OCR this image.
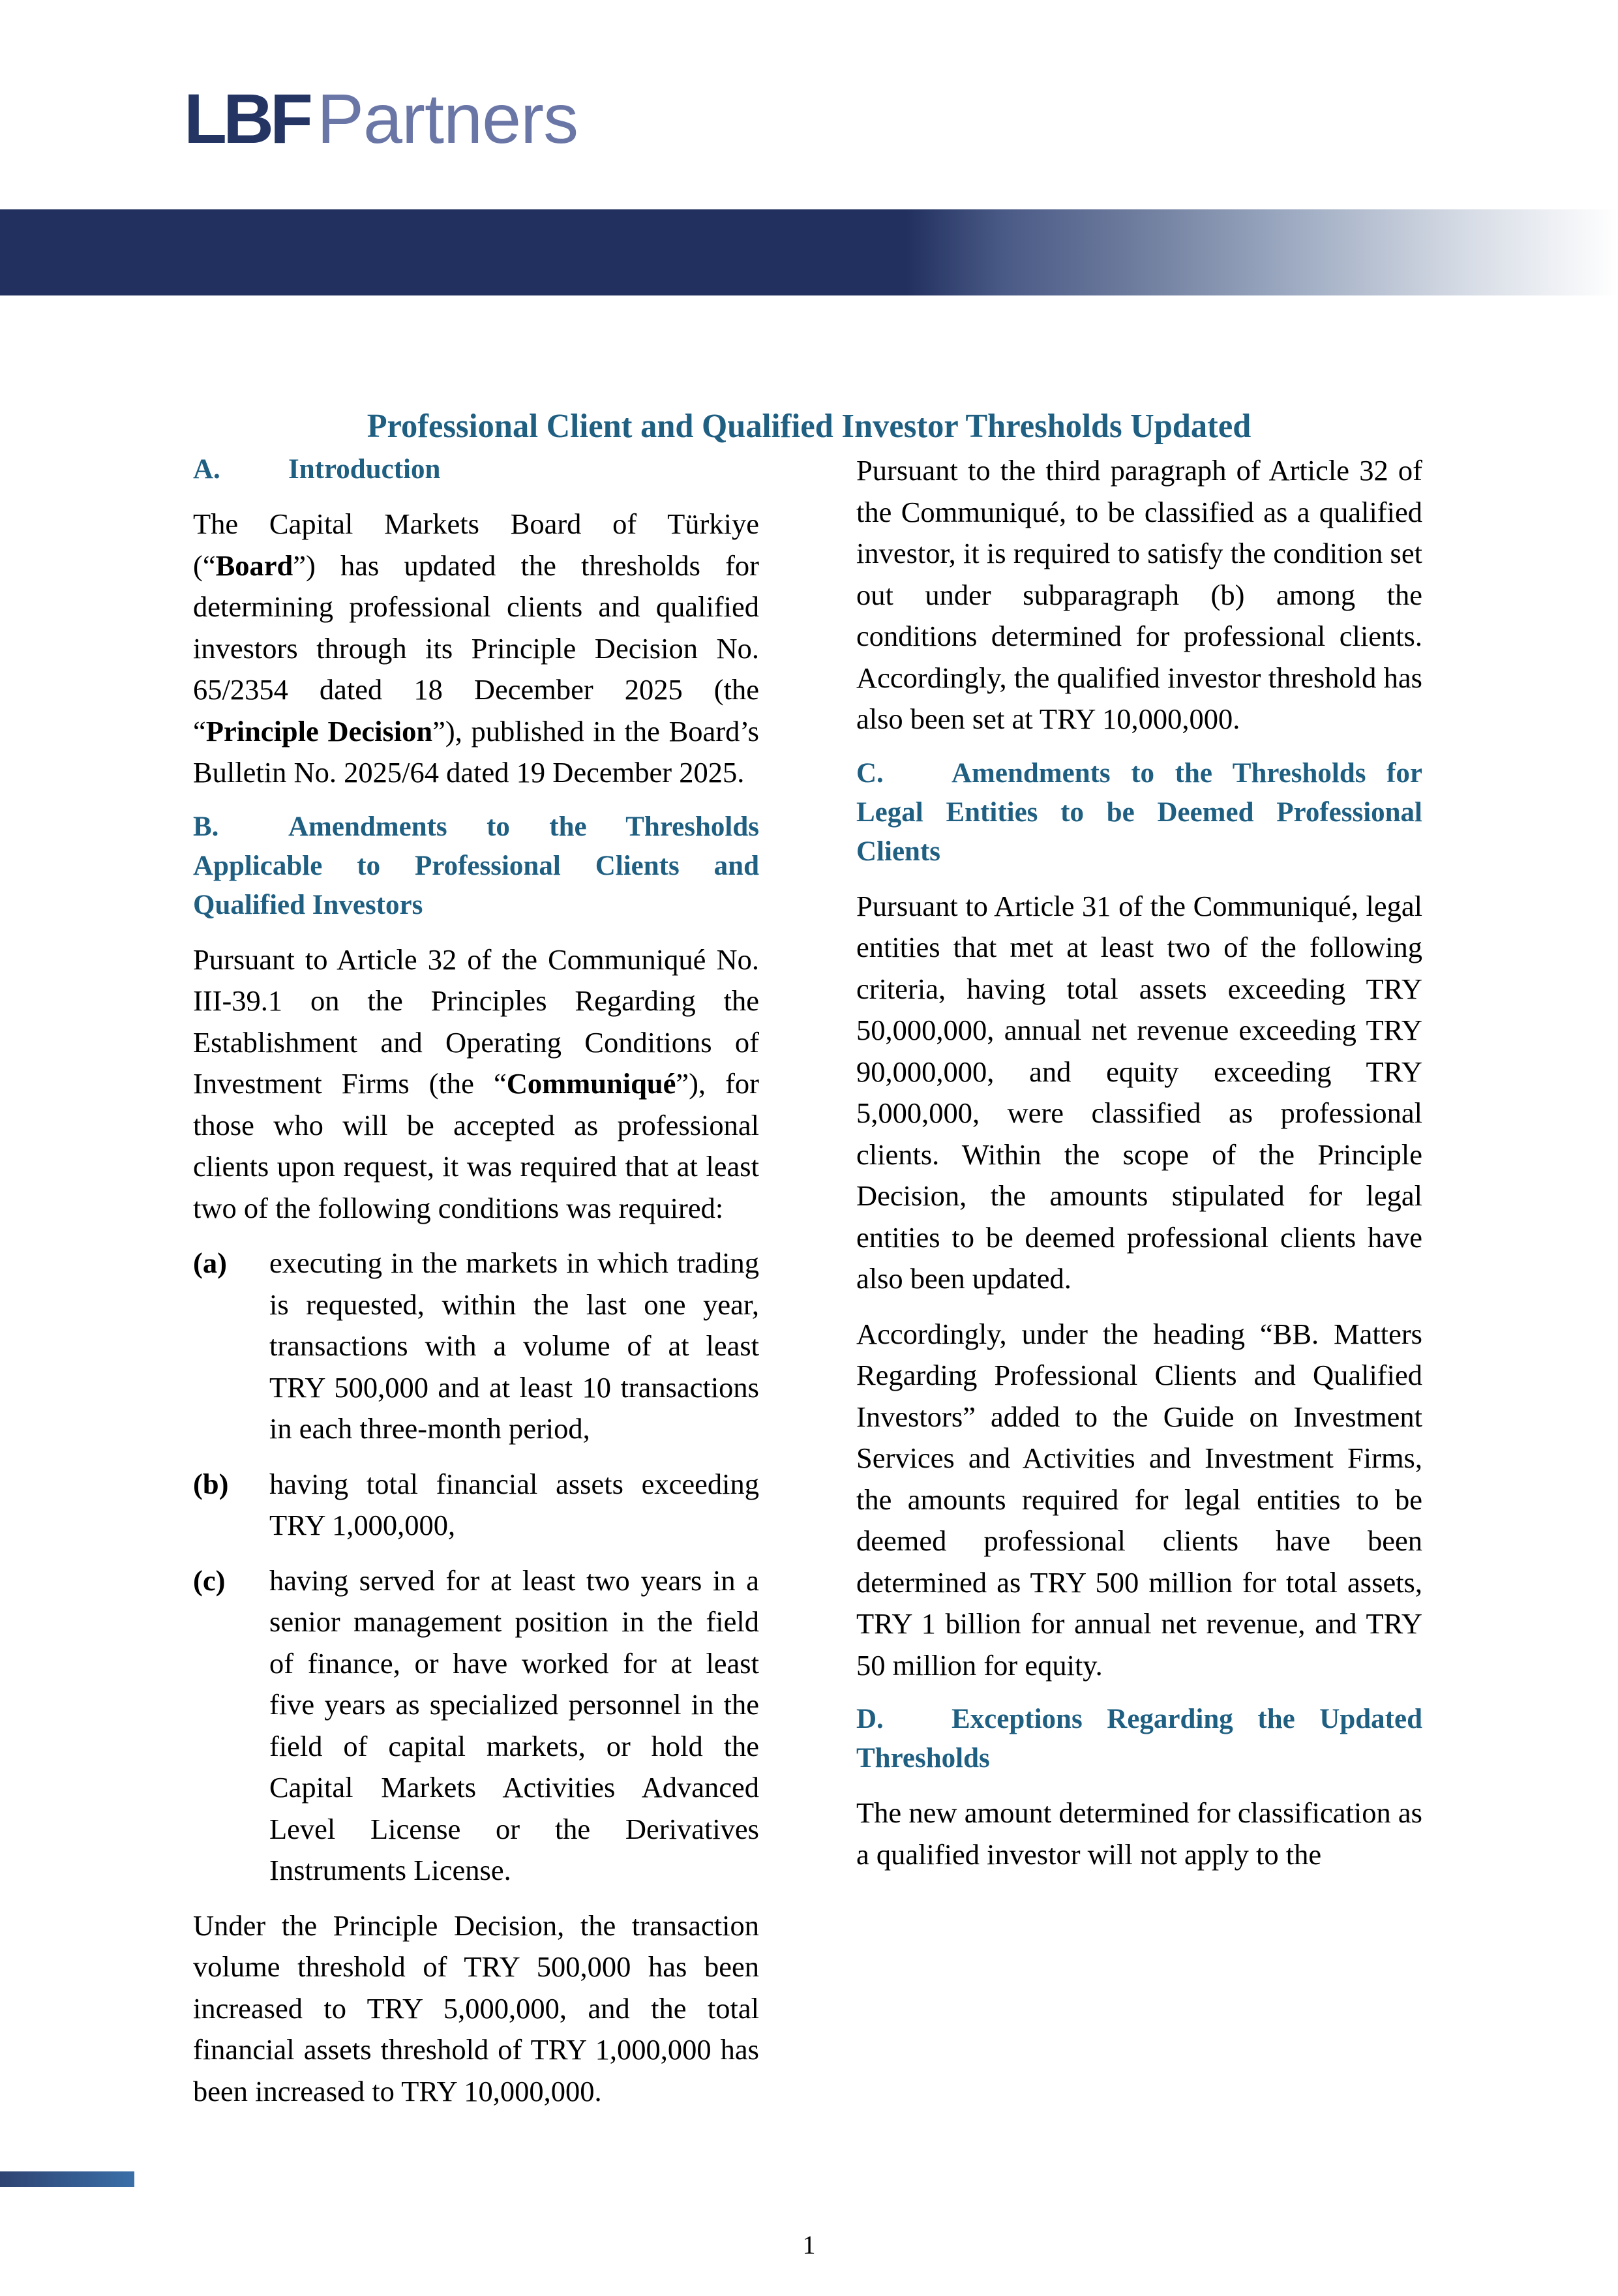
LBF Partners
Professional Client and Qualified Investor Thresholds Updated
A. Introduction

The Capital Markets Board of Türkiye (“Board”) has updated the thresholds for determining professional clients and qualified investors through its Principle Decision No. 65/2354 dated 18 December 2025 (the “Principle Decision”), published in the Board’s Bulletin No. 2025/64 dated 19 December 2025.

B. Amendments to the Thresholds Applicable to Professional Clients and Qualified Investors

Pursuant to Article 32 of the Communiqué No. III-39.1 on the Principles Regarding the Establishment and Operating Conditions of Investment Firms (the “Communiqué”), for those who will be accepted as professional clients upon request, it was required that at least two of the following conditions was required:

(a)	executing in the markets in which trading is requested, within the last one year, transactions with a volume of at least TRY 500,000 and at least 10 transactions in each three-month period,
(b)	having total financial assets exceeding TRY 1,000,000,
(c)	having served for at least two years in a senior management position in the field of finance, or have worked for at least five years as specialized personnel in the field of capital markets, or hold the Capital Markets Activities Advanced Level License or the Derivatives Instruments License.

Under the Principle Decision, the transaction volume threshold of TRY 500,000 has been increased to TRY 5,000,000, and the total financial assets threshold of TRY 1,000,000 has been increased to TRY 10,000,000.

Pursuant to the third paragraph of Article 32 of the Communiqué, to be classified as a qualified investor, it is required to satisfy the condition set out under subparagraph (b) among the conditions determined for professional clients. Accordingly, the qualified investor threshold has also been set at TRY 10,000,000.

C. Amendments to the Thresholds for Legal Entities to be Deemed Professional Clients

Pursuant to Article 31 of the Communiqué, legal entities that met at least two of the following criteria, having total assets exceeding TRY 50,000,000, annual net revenue exceeding TRY 90,000,000, and equity exceeding TRY 5,000,000, were classified as professional clients. Within the scope of the Principle Decision, the amounts stipulated for legal entities to be deemed professional clients have also been updated.

Accordingly, under the heading “BB. Matters Regarding Professional Clients and Qualified Investors” added to the Guide on Investment Services and Activities and Investment Firms, the amounts required for legal entities to be deemed professional clients have been determined as TRY 500 million for total assets, TRY 1 billion for annual net revenue, and TRY 50 million for equity.

D. Exceptions Regarding the Updated Thresholds

The new amount determined for classification as a qualified investor will not apply to the

1
